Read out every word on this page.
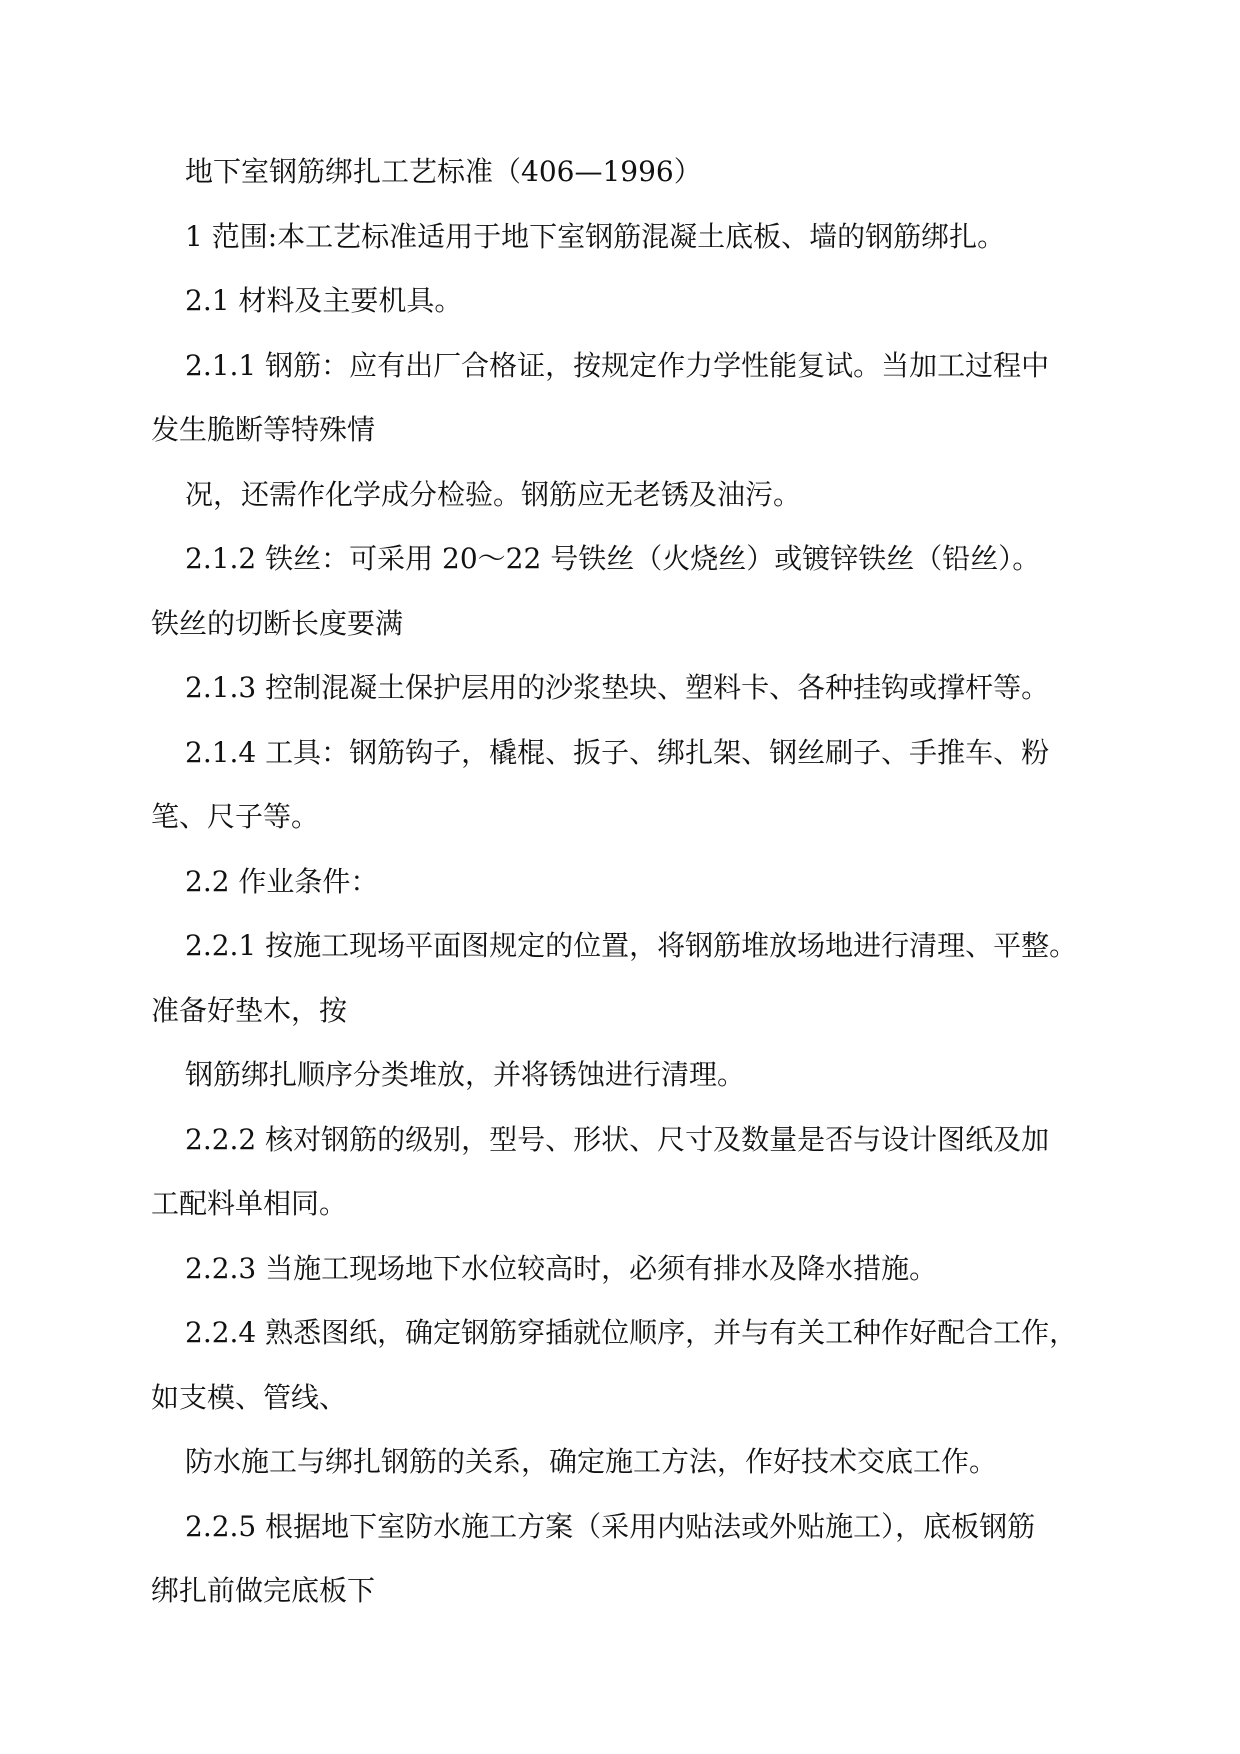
地下室钢筋绑扎工艺标准（406—1996）

1 范围:本工艺标准适用于地下室钢筋混凝土底板、墙的钢筋绑扎。

2.1 材料及主要机具。

2.1.1 钢筋：应有出厂合格证，按规定作力学性能复试。当加工过程中

发生脆断等特殊情

况，还需作化学成分检验。钢筋应无老锈及油污。

2.1.2 铁丝：可采用 20～22 号铁丝（火烧丝）或镀锌铁丝（铅丝）。

铁丝的切断长度要满

2.1.3 控制混凝土保护层用的沙浆垫块、塑料卡、各种挂钩或撑杆等。

2.1.4 工具：钢筋钩子，橇棍、扳子、绑扎架、钢丝刷子、手推车、粉

笔、尺子等。

2.2 作业条件：

2.2.1 按施工现场平面图规定的位置，将钢筋堆放场地进行清理、平整。

准备好垫木，按

钢筋绑扎顺序分类堆放，并将锈蚀进行清理。

2.2.2 核对钢筋的级别，型号、形状、尺寸及数量是否与设计图纸及加

工配料单相同。

2.2.3 当施工现场地下水位较高时，必须有排水及降水措施。

2.2.4 熟悉图纸，确定钢筋穿插就位顺序，并与有关工种作好配合工作，

如支模、管线、

防水施工与绑扎钢筋的关系，确定施工方法，作好技术交底工作。

2.2.5 根据地下室防水施工方案（采用内贴法或外贴施工），底板钢筋

绑扎前做完底板下
